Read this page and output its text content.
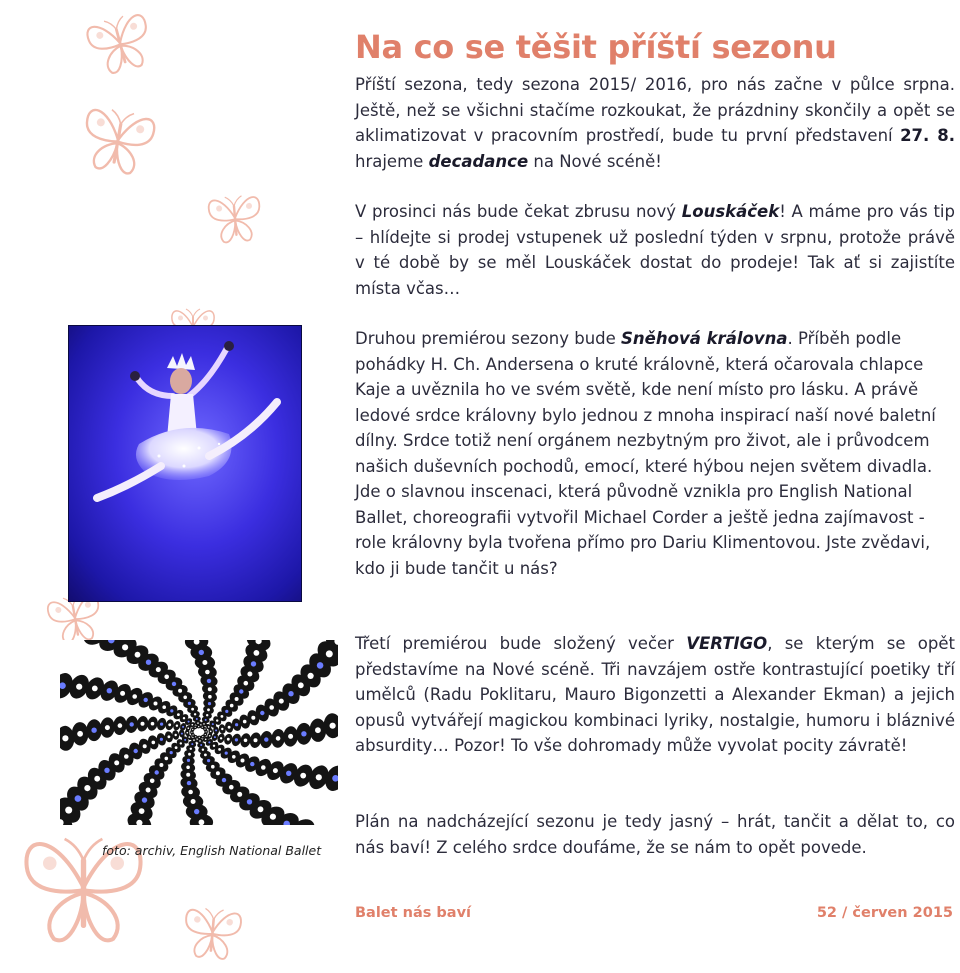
Na co se těšit příští sezonu

Příští sezona, tedy sezona 2015/ 2016, pro nás začne v půlce srpna. Ještě, než se všichni stačíme rozkoukat, že prázdniny skončily a opět se aklimatizovat v pracovním prostředí, bude tu první představení 27. 8. hrajeme decadance na Nové scéně!

V prosinci nás bude čekat zbrusu nový Louskáček! A máme pro vás tip – hlídejte si prodej vstupenek už poslední týden v srpnu, protože právě v té době by se měl Louskáček dostat do prodeje! Tak ať si zajistíte místa včas…

Druhou premiérou sezony bude Sněhová královna. Příběh podle pohádky H. Ch. Andersena o kruté královně, která očarovala chlapce Kaje a uvěznila ho ve svém světě, kde není místo pro lásku. A právě ledové srdce královny bylo jednou z mnoha inspirací naší nové baletní dílny. Srdce totiž není orgánem nezbytným pro život, ale i průvodcem našich duševních pochodů, emocí, které hýbou nejen světem divadla. Jde o slavnou inscenaci, která původně vznikla pro English National Ballet, choreografii vytvořil Michael Corder a ještě jedna zajímavost - role královny byla tvořena přímo pro Dariu Klimentovou. Jste zvědavi, kdo ji bude tančit u nás?

Třetí premiérou bude složený večer VERTIGO, se kterým se opět představíme na Nové scéně. Tři navzájem ostře kontrastující poetiky tří umělců (Radu Poklitaru, Mauro Bigonzetti a Alexander Ekman) a jejich opusů vytvářejí magickou kombinaci lyriky, nostalgie, humoru i bláznivé absurdity… Pozor! To vše dohromady může vyvolat pocity závratě!

Plán na nadcházející sezonu je tedy jasný – hrát, tančit a dělat to, co nás baví! Z celého srdce doufáme, že se nám to opět povede.

foto: archiv, English National Ballet

Balet nás baví	52 / červen 2015
